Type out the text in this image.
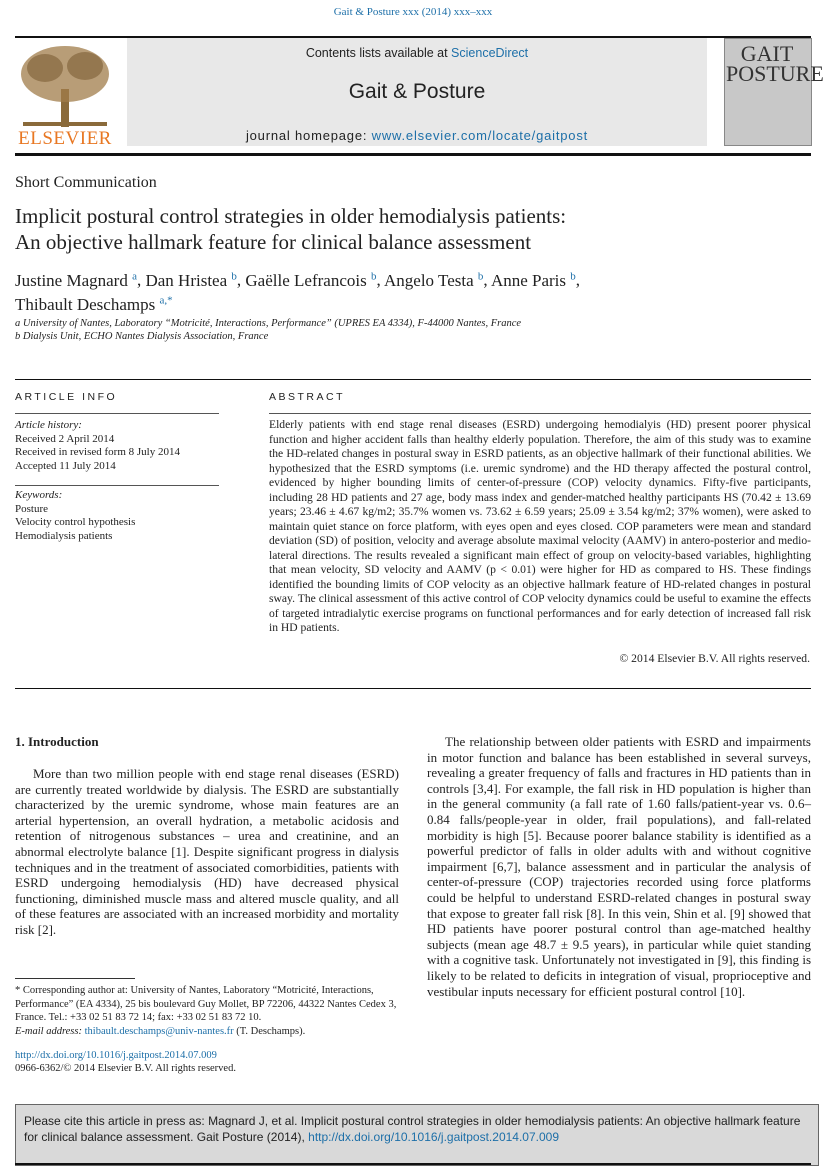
Gait & Posture xxx (2014) xxx–xxx
ELSEVIER
Contents lists available at ScienceDirect
Gait & Posture
journal homepage: www.elsevier.com/locate/gaitpost
GAIT
POSTURE
Short Communication
Implicit postural control strategies in older hemodialysis patients:
An objective hallmark feature for clinical balance assessment
Justine Magnard $^a$, Dan Hristea $^b$, Gaëlle Lefrancois $^b$, Angelo Testa $^b$, Anne Paris $^b$,
Thibault Deschamps $^{a,*}$
a University of Nantes, Laboratory “Motricité, Interactions, Performance” (UPRES EA 4334), F-44000 Nantes, France
b Dialysis Unit, ECHO Nantes Dialysis Association, France
ARTICLE INFO	ABSTRACT
Article history:
Received 2 April 2014
Received in revised form 8 July 2014
Accepted 11 July 2014
Keywords:
Posture
Velocity control hypothesis
Hemodialysis patients
Elderly patients with end stage renal diseases (ESRD) undergoing hemodialyis (HD) present poorer physical function and higher accident falls than healthy elderly population. Therefore, the aim of this study was to examine the HD-related changes in postural sway in ESRD patients, as an objective hallmark of their functional abilities. We hypothesized that the ESRD symptoms (i.e. uremic syndrome) and the HD therapy affected the postural control, evidenced by higher bounding limits of center-of-pressure (COP) velocity dynamics. Fifty-five participants, including 28 HD patients and 27 age, body mass index and gender-matched healthy participants HS (70.42 ± 13.69 years; 23.46 ± 4.67 kg/m2; 35.7% women vs. 73.62 ± 6.59 years; 25.09 ± 3.54 kg/m2; 37% women), were asked to maintain quiet stance on force platform, with eyes open and eyes closed. COP parameters were mean and standard deviation (SD) of position, velocity and average absolute maximal velocity (AAMV) in antero-posterior and medio-lateral directions. The results revealed a significant main effect of group on velocity-based variables, highlighting that mean velocity, SD velocity and AAMV (p < 0.01) were higher for HD as compared to HS. These findings identified the bounding limits of COP velocity as an objective hallmark feature of HD-related changes in postural sway. The clinical assessment of this active control of COP velocity dynamics could be useful to examine the effects of targeted intradialytic exercise programs on functional performances and for early detection of increased fall risk in HD patients.
© 2014 Elsevier B.V. All rights reserved.
1. Introduction
More than two million people with end stage renal diseases (ESRD) are currently treated worldwide by dialysis. The ESRD are substantially characterized by the uremic syndrome, whose main features are an arterial hypertension, an overall hydration, a metabolic acidosis and retention of nitrogenous substances – urea and creatinine, and an abnormal electrolyte balance [1]. Despite significant progress in dialysis techniques and in the treatment of associated comorbidities, patients with ESRD undergoing hemodialysis (HD) have decreased physical functioning, diminished muscle mass and altered muscle quality, and all of these features are associated with an increased morbidity and mortality risk [2].
The relationship between older patients with ESRD and impairments in motor function and balance has been established in several surveys, revealing a greater frequency of falls and fractures in HD patients than in controls [3,4]. For example, the fall risk in HD population is higher than in the general community (a fall rate of 1.60 falls/patient-year vs. 0.6–0.84 falls/people-year in older, frail populations), and fall-related morbidity is high [5]. Because poorer balance stability is identified as a powerful predictor of falls in older adults with and without cognitive impairment [6,7], balance assessment and in particular the analysis of center-of-pressure (COP) trajectories recorded using force platforms could be helpful to understand ESRD-related changes in postural sway that expose to greater fall risk [8]. In this vein, Shin et al. [9] showed that HD patients have poorer postural control than age-matched healthy subjects (mean age 48.7 ± 9.5 years), in particular while quiet standing with a cognitive task. Unfortunately not investigated in [9], this finding is likely to be related to deficits in integration of visual, proprioceptive and vestibular inputs necessary for efficient postural control [10].
* Corresponding author at: University of Nantes, Laboratory “Motricité, Interactions, Performance” (EA 4334), 25 bis boulevard Guy Mollet, BP 72206, 44322 Nantes Cedex 3, France. Tel.: +33 02 51 83 72 14; fax: +33 02 51 83 72 10.
E-mail address: thibault.deschamps@univ-nantes.fr (T. Deschamps).
http://dx.doi.org/10.1016/j.gaitpost.2014.07.009
0966-6362/© 2014 Elsevier B.V. All rights reserved.
Please cite this article in press as: Magnard J, et al. Implicit postural control strategies in older hemodialysis patients: An objective hallmark feature for clinical balance assessment. Gait Posture (2014), http://dx.doi.org/10.1016/j.gaitpost.2014.07.009
